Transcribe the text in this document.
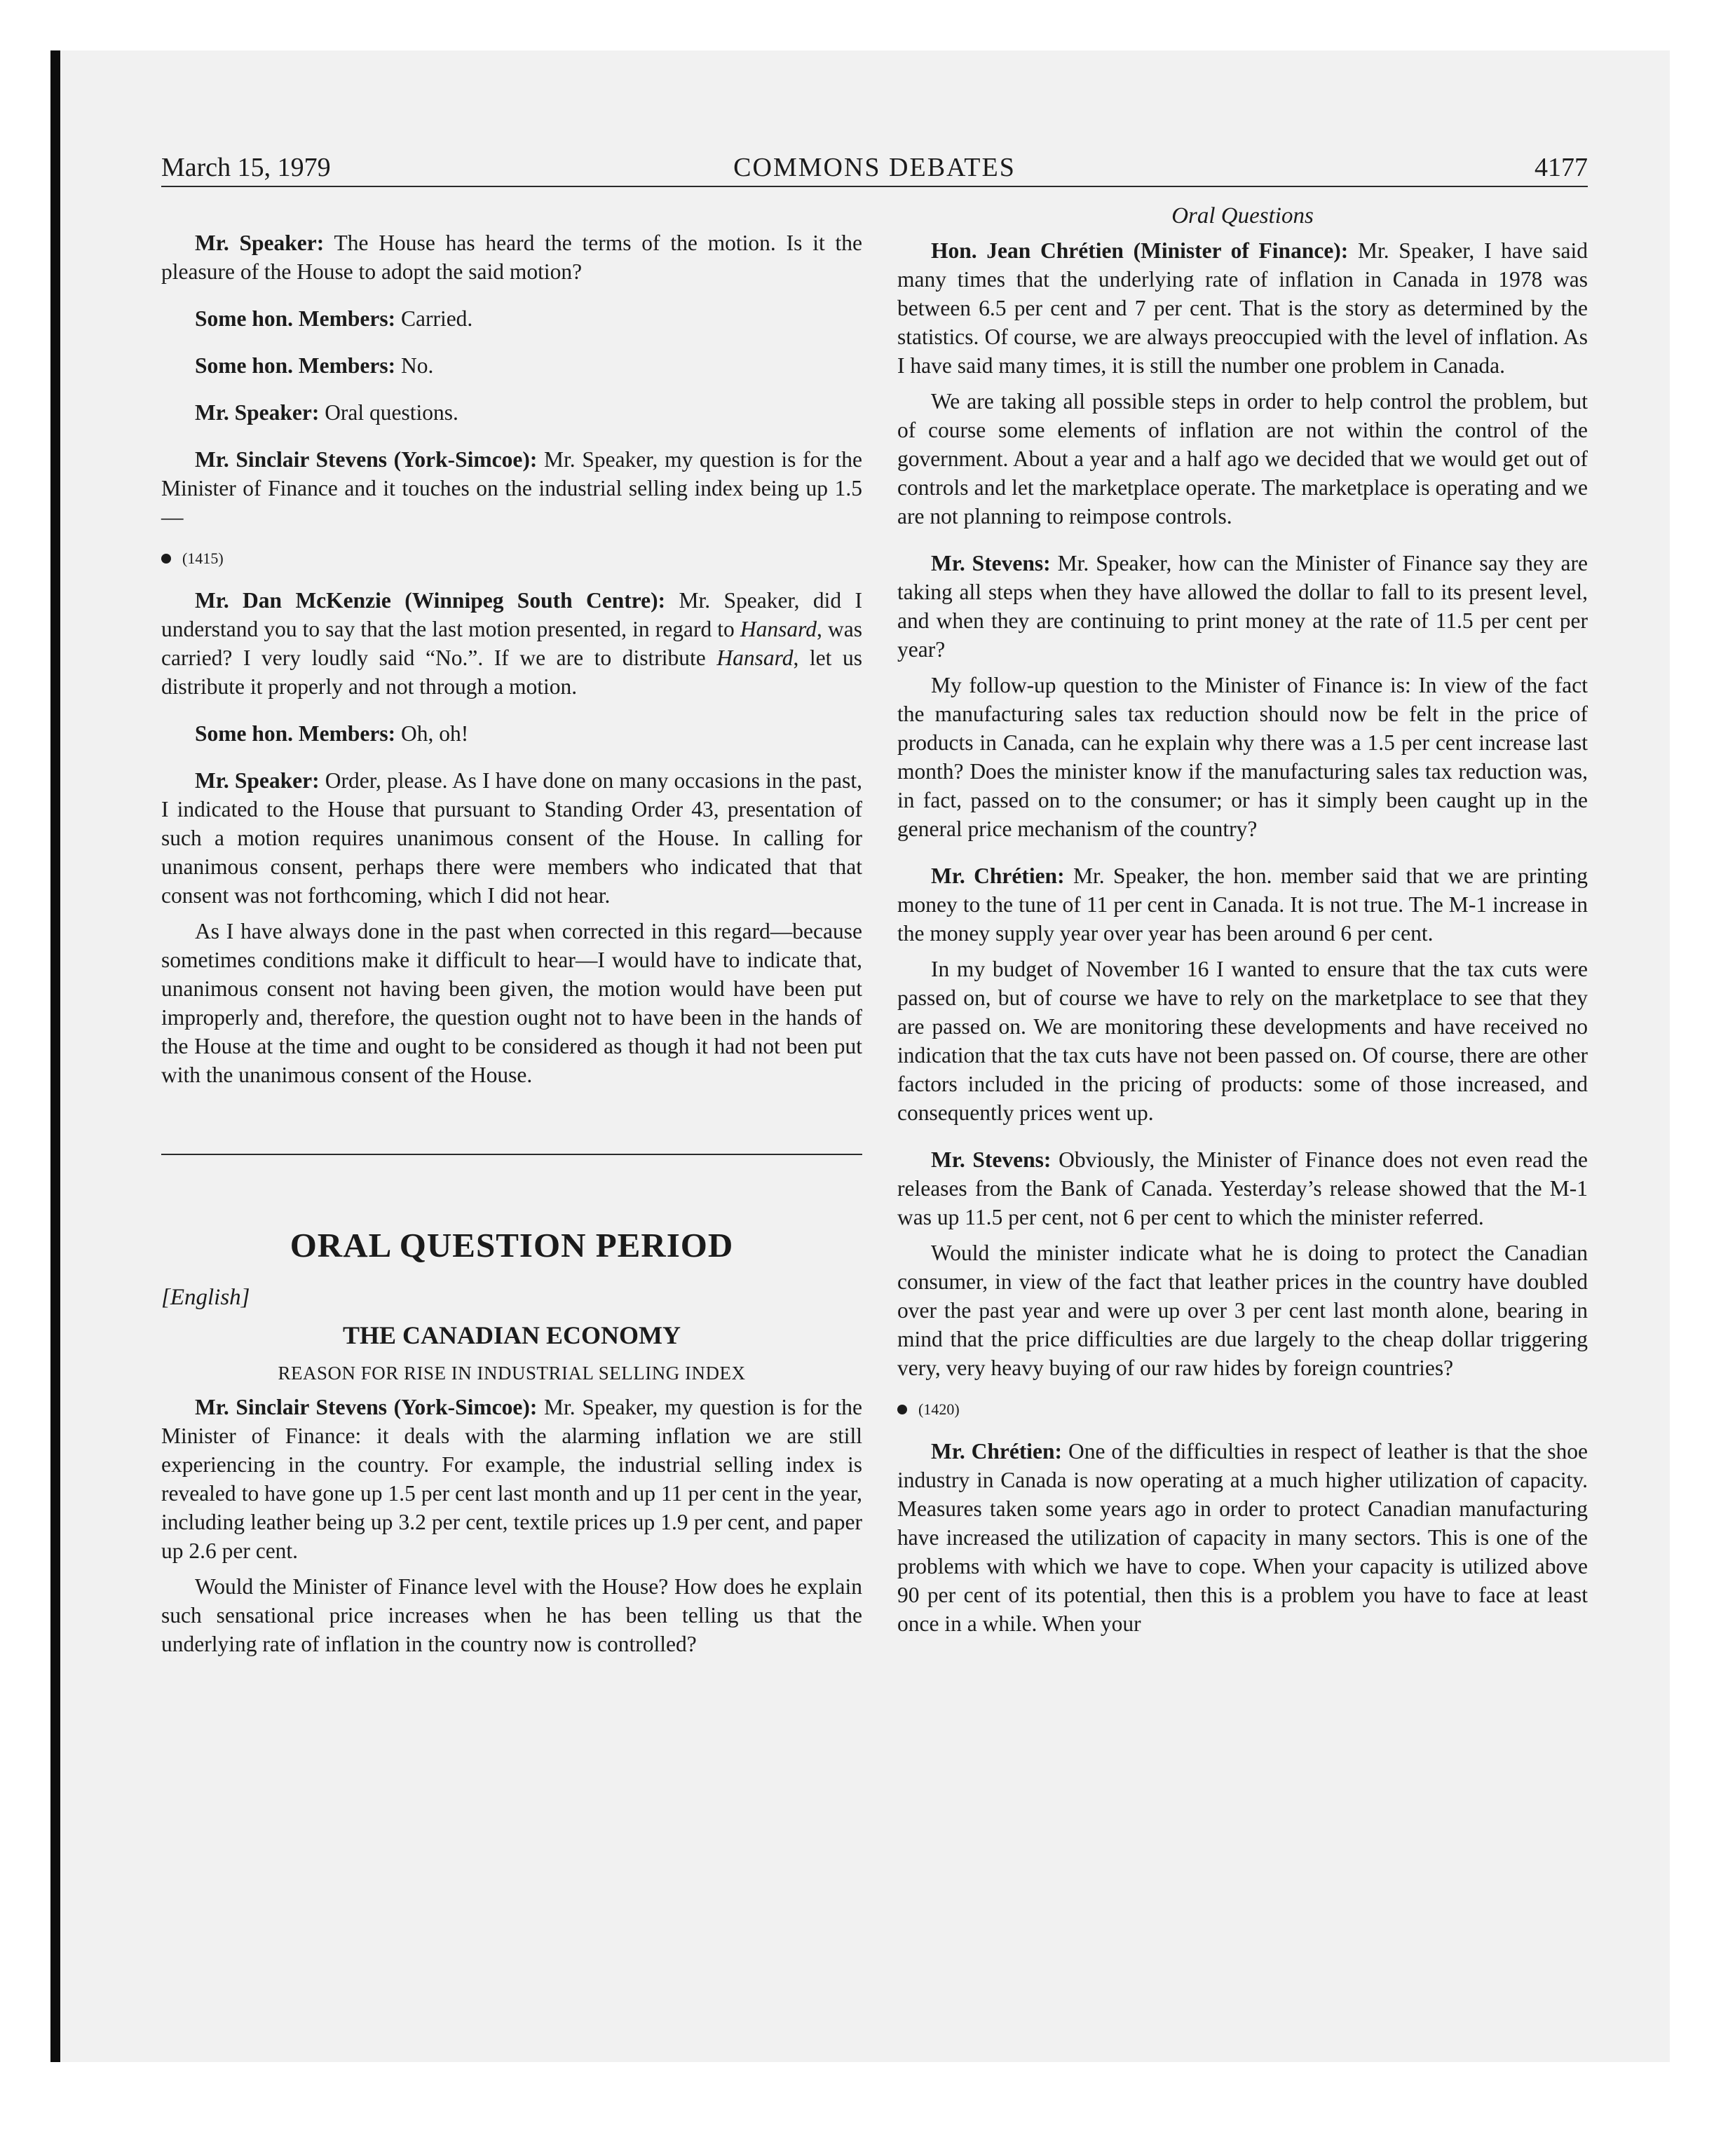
COMMONS DEBATES
March 15, 1979	4177

Mr. Speaker: The House has heard the terms of the motion. Is it the pleasure of the House to adopt the said motion?

Some hon. Members: Carried.

Some hon. Members: No.

Mr. Speaker: Oral questions.

Mr. Sinclair Stevens (York-Simcoe): Mr. Speaker, my question is for the Minister of Finance and it touches on the industrial selling index being up 1.5—

(1415)

Mr. Dan McKenzie (Winnipeg South Centre): Mr. Speaker, did I understand you to say that the last motion presented, in regard to Hansard, was carried? I very loudly said “No.”. If we are to distribute Hansard, let us distribute it properly and not through a motion.

Some hon. Members: Oh, oh!

Mr. Speaker: Order, please. As I have done on many occasions in the past, I indicated to the House that pursuant to Standing Order 43, presentation of such a motion requires unanimous consent of the House. In calling for unanimous consent, perhaps there were members who indicated that that consent was not forthcoming, which I did not hear.

As I have always done in the past when corrected in this regard—because sometimes conditions make it difficult to hear—I would have to indicate that, unanimous consent not having been given, the motion would have been put improperly and, therefore, the question ought not to have been in the hands of the House at the time and ought to be considered as though it had not been put with the unanimous consent of the House.

ORAL QUESTION PERIOD
[English]
THE CANADIAN ECONOMY
REASON FOR RISE IN INDUSTRIAL SELLING INDEX

Mr. Sinclair Stevens (York-Simcoe): Mr. Speaker, my question is for the Minister of Finance: it deals with the alarming inflation we are still experiencing in the country. For example, the industrial selling index is revealed to have gone up 1.5 per cent last month and up 11 per cent in the year, including leather being up 3.2 per cent, textile prices up 1.9 per cent, and paper up 2.6 per cent.

Would the Minister of Finance level with the House? How does he explain such sensational price increases when he has been telling us that the underlying rate of inflation in the country now is controlled?

Oral Questions

Hon. Jean Chrétien (Minister of Finance): Mr. Speaker, I have said many times that the underlying rate of inflation in Canada in 1978 was between 6.5 per cent and 7 per cent. That is the story as determined by the statistics. Of course, we are always preoccupied with the level of inflation. As I have said many times, it is still the number one problem in Canada.

We are taking all possible steps in order to help control the problem, but of course some elements of inflation are not within the control of the government. About a year and a half ago we decided that we would get out of controls and let the marketplace operate. The marketplace is operating and we are not planning to reimpose controls.

Mr. Stevens: Mr. Speaker, how can the Minister of Finance say they are taking all steps when they have allowed the dollar to fall to its present level, and when they are continuing to print money at the rate of 11.5 per cent per year?

My follow-up question to the Minister of Finance is: In view of the fact the manufacturing sales tax reduction should now be felt in the price of products in Canada, can he explain why there was a 1.5 per cent increase last month? Does the minister know if the manufacturing sales tax reduction was, in fact, passed on to the consumer; or has it simply been caught up in the general price mechanism of the country?

Mr. Chrétien: Mr. Speaker, the hon. member said that we are printing money to the tune of 11 per cent in Canada. It is not true. The M-1 increase in the money supply year over year has been around 6 per cent.

In my budget of November 16 I wanted to ensure that the tax cuts were passed on, but of course we have to rely on the marketplace to see that they are passed on. We are monitoring these developments and have received no indication that the tax cuts have not been passed on. Of course, there are other factors included in the pricing of products: some of those increased, and consequently prices went up.

Mr. Stevens: Obviously, the Minister of Finance does not even read the releases from the Bank of Canada. Yesterday’s release showed that the M-1 was up 11.5 per cent, not 6 per cent to which the minister referred.

Would the minister indicate what he is doing to protect the Canadian consumer, in view of the fact that leather prices in the country have doubled over the past year and were up over 3 per cent last month alone, bearing in mind that the price difficulties are due largely to the cheap dollar triggering very, very heavy buying of our raw hides by foreign countries?

(1420)

Mr. Chrétien: One of the difficulties in respect of leather is that the shoe industry in Canada is now operating at a much higher utilization of capacity. Measures taken some years ago in order to protect Canadian manufacturing have increased the utilization of capacity in many sectors. This is one of the problems with which we have to cope. When your capacity is utilized above 90 per cent of its potential, then this is a problem you have to face at least once in a while. When your
